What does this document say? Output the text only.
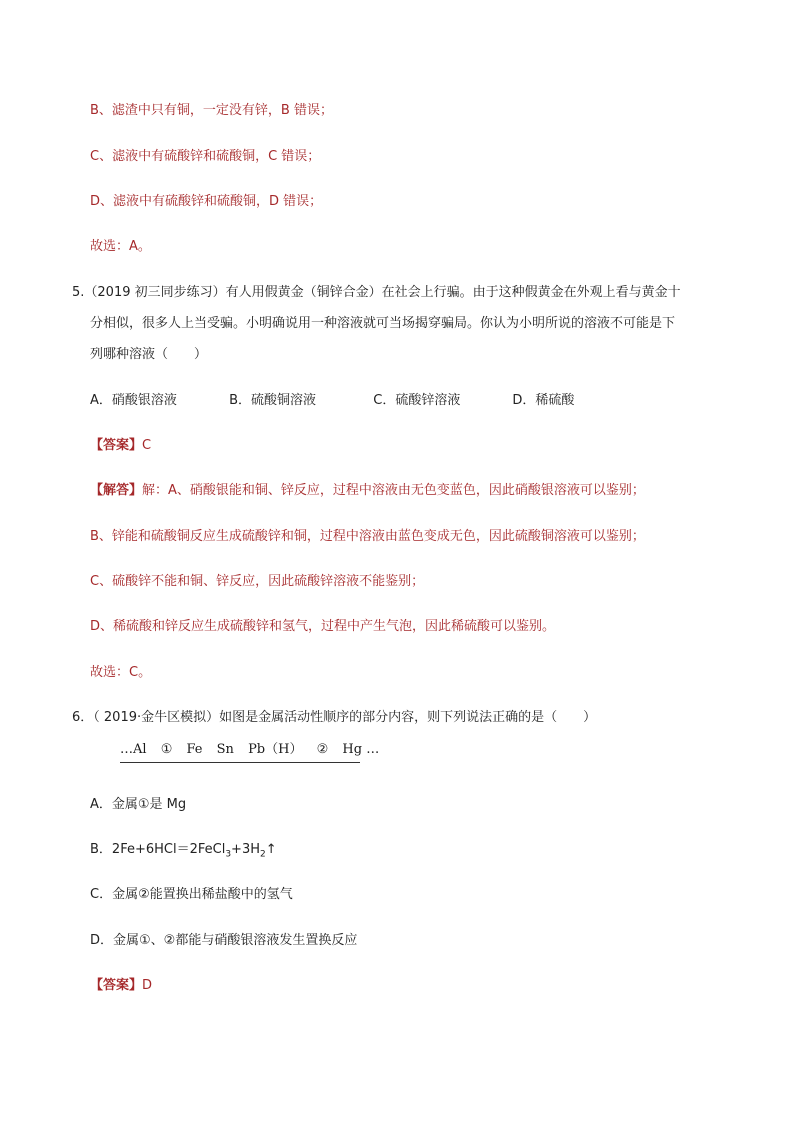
B、滤渣中只有铜，一定没有锌，B 错误；
C、滤液中有硫酸锌和硫酸铜，C 错误；
D、滤液中有硫酸锌和硫酸铜，D 错误；
故选：A。
5.（2019 初三同步练习）有人用假黄金（铜锌合金）在社会上行骗。由于这种假黄金在外观上看与黄金十
分相似，很多人上当受骗。小明确说用一种溶液就可当场揭穿骗局。你认为小明所说的溶液不可能是下
列哪种溶液（　　）
A．硝酸银溶液	B．硫酸铜溶液	C．硫酸锌溶液	D．稀硫酸
【答案】C
【解答】解：A、硝酸银能和铜、锌反应，过程中溶液由无色变蓝色，因此硝酸银溶液可以鉴别；
B、锌能和硫酸铜反应生成硫酸锌和铜，过程中溶液由蓝色变成无色，因此硫酸铜溶液可以鉴别；
C、硫酸锌不能和铜、锌反应，因此硫酸锌溶液不能鉴别；
D、稀硫酸和锌反应生成硫酸锌和氢气，过程中产生气泡，因此稀硫酸可以鉴别。
故选：C。
6．（ 2019·金牛区模拟）如图是金属活动性顺序的部分内容，则下列说法正确的是（　　）
…Al ① Fe Sn Pb（H） ② Hg …
A．金属①是 Mg
B．$2Fe+6HCl=2FeCl_3+3H_2↑$
C．金属②能置换出稀盐酸中的氢气
D．金属①、②都能与硝酸银溶液发生置换反应
【答案】D
